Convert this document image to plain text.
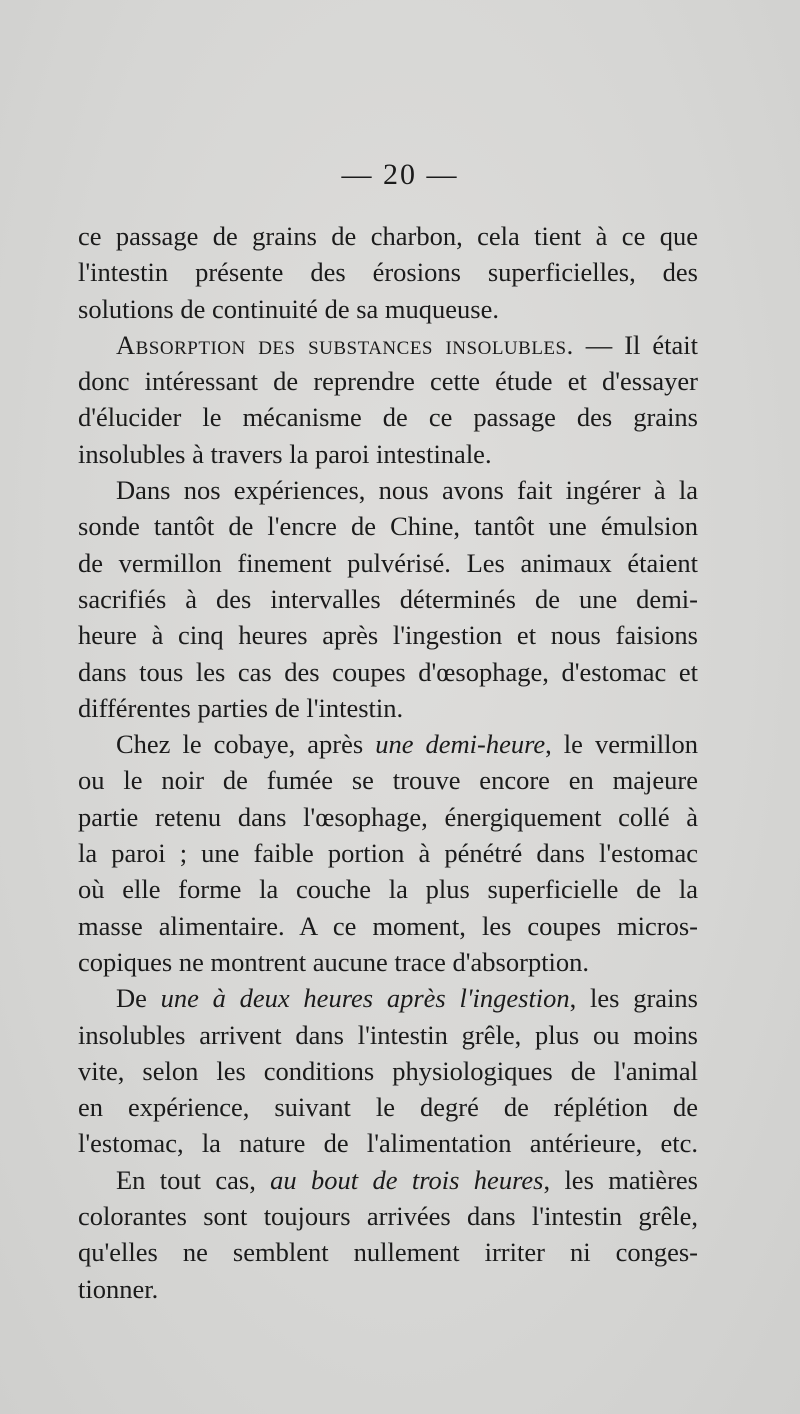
— 20 —
ce passage de grains de charbon, cela tient à ce que
l'intestin présente des érosions superficielles, des
solutions de continuité de sa muqueuse.
Absorption des substances insolubles. — Il était
donc intéressant de reprendre cette étude et d'essayer
d'élucider le mécanisme de ce passage des grains
insolubles à travers la paroi intestinale.
Dans nos expériences, nous avons fait ingérer à la
sonde tantôt de l'encre de Chine, tantôt une émulsion
de vermillon finement pulvérisé. Les animaux étaient
sacrifiés à des intervalles déterminés de une demi-
heure à cinq heures après l'ingestion et nous faisions
dans tous les cas des coupes d'œsophage, d'estomac et
différentes parties de l'intestin.
Chez le cobaye, après une demi-heure, le vermillon
ou le noir de fumée se trouve encore en majeure
partie retenu dans l'œsophage, énergiquement collé à
la paroi ; une faible portion à pénétré dans l'estomac
où elle forme la couche la plus superficielle de la
masse alimentaire. A ce moment, les coupes micros-
copiques ne montrent aucune trace d'absorption.
De une à deux heures après l'ingestion, les grains
insolubles arrivent dans l'intestin grêle, plus ou moins
vite, selon les conditions physiologiques de l'animal
en expérience, suivant le degré de réplétion de
l'estomac, la nature de l'alimentation antérieure, etc.
En tout cas, au bout de trois heures, les matières
colorantes sont toujours arrivées dans l'intestin grêle,
qu'elles ne semblent nullement irriter ni conges-
tionner.
